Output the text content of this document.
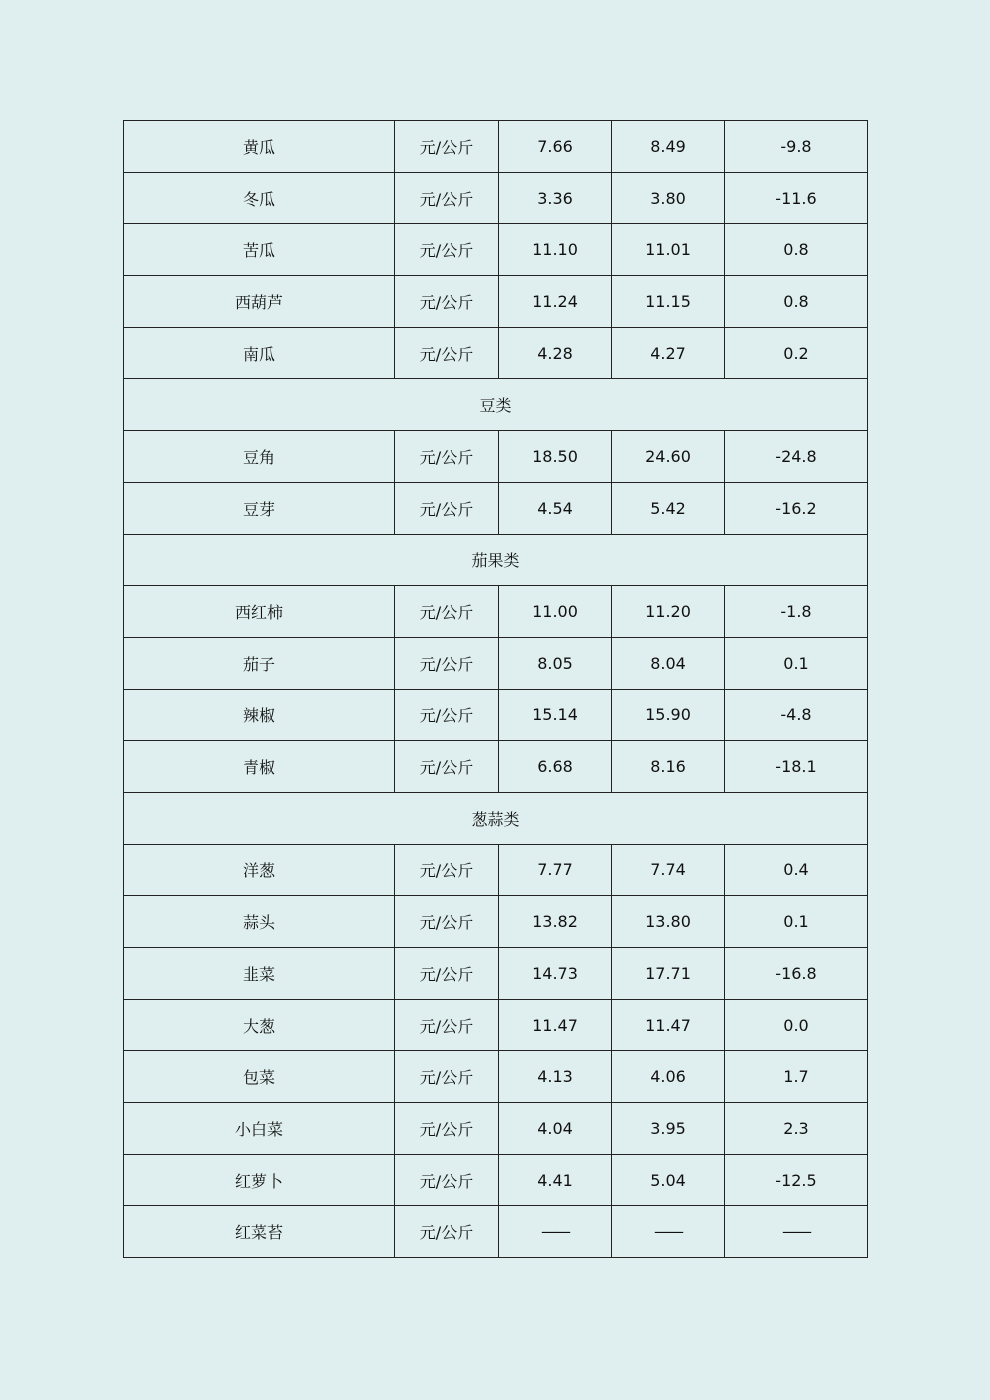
黄瓜	元/公斤	7.66	8.49	-9.8
冬瓜	元/公斤	3.36	3.80	-11.6
苦瓜	元/公斤	11.10	11.01	0.8
西葫芦	元/公斤	11.24	11.15	0.8
南瓜	元/公斤	4.28	4.27	0.2
豆类				
豆角	元/公斤	18.50	24.60	-24.8
豆芽	元/公斤	4.54	5.42	-16.2
茄果类				
西红柿	元/公斤	11.00	11.20	-1.8
茄子	元/公斤	8.05	8.04	0.1
辣椒	元/公斤	15.14	15.90	-4.8
青椒	元/公斤	6.68	8.16	-18.1
葱蒜类				
洋葱	元/公斤	7.77	7.74	0.4
蒜头	元/公斤	13.82	13.80	0.1
韭菜	元/公斤	14.73	17.71	-16.8
大葱	元/公斤	11.47	11.47	0.0
包菜	元/公斤	4.13	4.06	1.7
小白菜	元/公斤	4.04	3.95	2.3
红萝卜	元/公斤	4.41	5.04	-12.5
红菜苔	元/公斤	——	——	——
